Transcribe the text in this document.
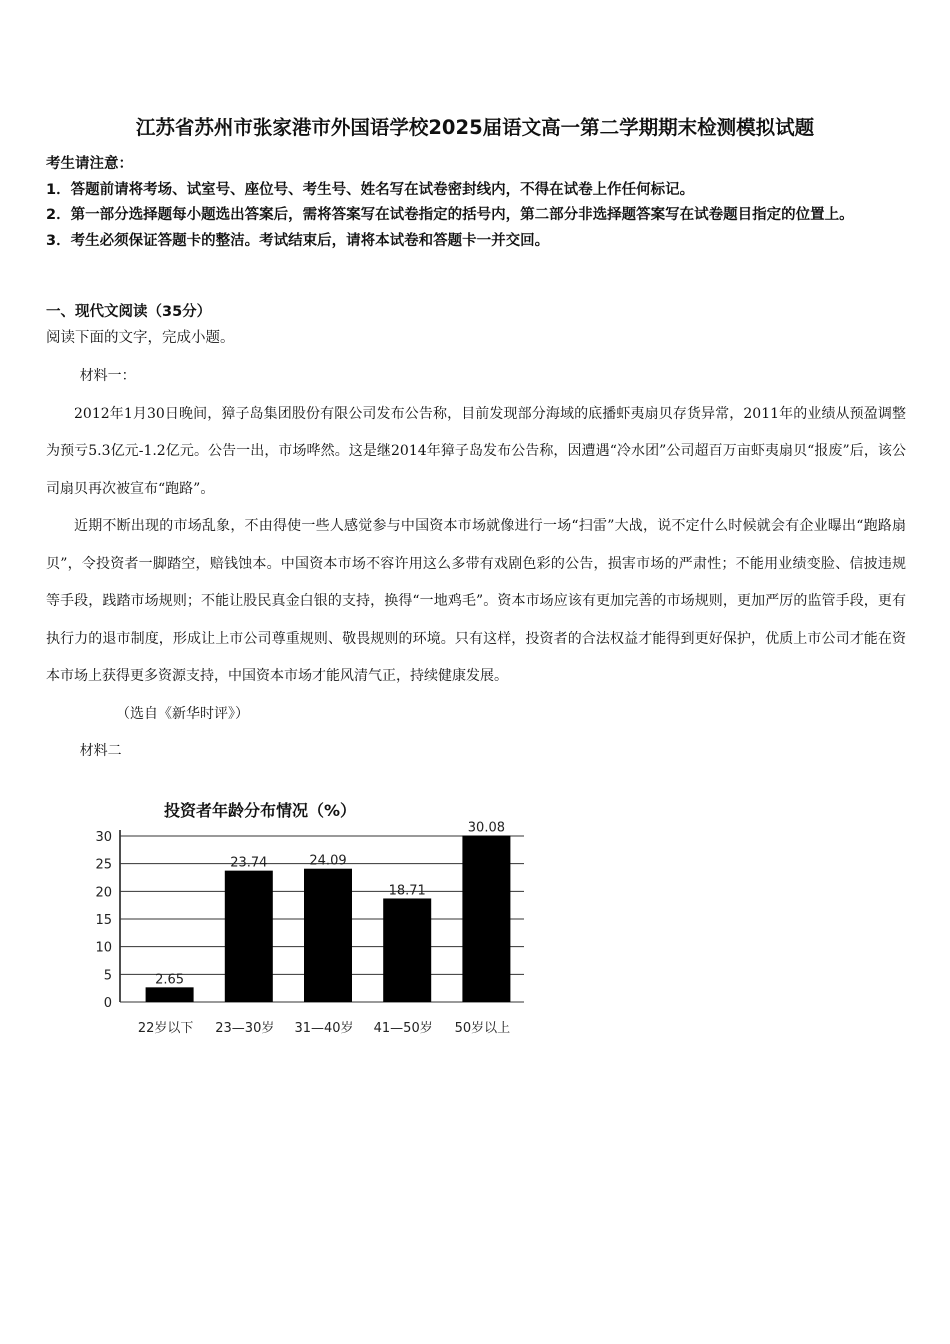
江苏省苏州市张家港市外国语学校2025届语文高一第二学期期末检测模拟试题
考生请注意：
1．答题前请将考场、试室号、座位号、考生号、姓名写在试卷密封线内，不得在试卷上作任何标记。
2．第一部分选择题每小题选出答案后，需将答案写在试卷指定的括号内，第二部分非选择题答案写在试卷题目指定的位置上。
3．考生必须保证答题卡的整洁。考试结束后，请将本试卷和答题卡一并交回。
一、现代文阅读（35分）
阅读下面的文字，完成小题。

材料一：

2012年1月30日晚间，獐子岛集团股份有限公司发布公告称，目前发现部分海域的底播虾夷扇贝存货异常，2011年的业绩从预盈调整为预亏5.3亿元-1.2亿元。公告一出，市场哗然。这是继2014年獐子岛发布公告称，因遭遇“冷水团”公司超百万亩虾夷扇贝“报废”后，该公司扇贝再次被宣布“跑路”。

近期不断出现的市场乱象，不由得使一些人感觉参与中国资本市场就像进行一场“扫雷”大战，说不定什么时候就会有企业曝出“跑路扇贝”，令投资者一脚踏空，赔钱蚀本。中国资本市场不容许用这么多带有戏剧色彩的公告，损害市场的严肃性；不能用业绩变脸、信披违规等手段，践踏市场规则；不能让股民真金白银的支持，换得“一地鸡毛”。资本市场应该有更加完善的市场规则，更加严厉的监管手段，更有执行力的退市制度，形成让上市公司尊重规则、敬畏规则的环境。只有这样，投资者的合法权益才能得到更好保护，优质上市公司才能在资本市场上获得更多资源支持，中国资本市场才能风清气正，持续健康发展。

（选自《新华时评》）

材料二

投资者年龄分布情况（%）
30
25
20
15
10
5
0
2.65
22岁以下
23.74
23—30岁
24.09
31—40岁
18.71
41—50岁
30.08
50岁以上
